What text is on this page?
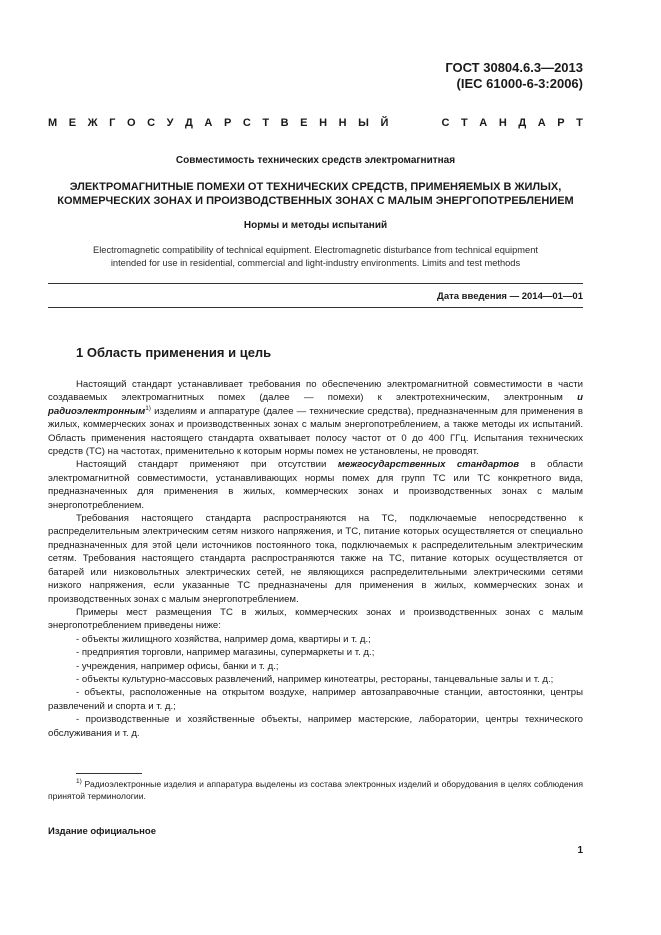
ГОСТ 30804.6.3—2013
(IEC 61000-6-3:2006)
М Е Ж Г О С У Д А Р С Т В Е Н Н Ы Й	С Т А Н Д А Р Т
Совместимость технических средств электромагнитная
ЭЛЕКТРОМАГНИТНЫЕ ПОМЕХИ ОТ ТЕХНИЧЕСКИХ СРЕДСТВ, ПРИМЕНЯЕМЫХ В ЖИЛЫХ,
КОММЕРЧЕСКИХ ЗОНАХ И ПРОИЗВОДСТВЕННЫХ ЗОНАХ С МАЛЫМ ЭНЕРГОПОТРЕБЛЕНИЕМ
Нормы и методы испытаний
Electromagnetic compatibility of technical equipment. Electromagnetic disturbance from technical equipment
intended for use in residential, commercial and light-industry environments. Limits and test methods
Дата введения — 2014—01—01
1 Область применения и цель

Настоящий стандарт устанавливает требования по обеспечению электромагнитной совместимости в части создаваемых электромагнитных помех (далее — помехи) к электротехническим, электронным и радиоэлектронным$^{1)}$ изделиям и аппаратуре (далее — технические средства), предназначенным для применения в жилых, коммерческих зонах и производственных зонах с малым энергопотреблением, а также методы их испытаний. Область применения настоящего стандарта охватывает полосу частот от 0 до 400 ГГц. Испытания технических средств (ТС) на частотах, применительно к которым нормы помех не установлены, не проводят.

Настоящий стандарт применяют при отсутствии межгосударственных стандартов в области электромагнитной совместимости, устанавливающих нормы помех для групп ТС или ТС конкретного вида, предназначенных для применения в жилых, коммерческих зонах и производственных зонах с малым энергопотреблением.

Требования настоящего стандарта распространяются на ТС, подключаемые непосредственно к распределительным электрическим сетям низкого напряжения, и ТС, питание которых осуществляется от специально предназначенных для этой цели источников постоянного тока, подключаемых к распределительным электрическим сетям. Требования настоящего стандарта распространяются также на ТС, питание которых осуществляется от батарей или низковольтных электрических сетей, не являющихся распределительными электрическими сетями низкого напряжения, если указанные ТС предназначены для применения в жилых, коммерческих зонах и производственных зонах с малым энергопотреблением.

Примеры мест размещения ТС в жилых, коммерческих зонах и производственных зонах с малым энергопотреблением приведены ниже:

- объекты жилищного хозяйства, например дома, квартиры и т. д.;

- предприятия торговли, например магазины, супермаркеты и т. д.;

- учреждения, например офисы, банки и т. д.;

- объекты культурно-массовых развлечений, например кинотеатры, рестораны, танцевальные залы и т. д.;

- объекты, расположенные на открытом воздухе, например автозаправочные станции, автостоянки, центры развлечений и спорта и т. д.;

- производственные и хозяйственные объекты, например мастерские, лаборатории, центры технического обслуживания и т. д.

$^{1)}$ Радиоэлектронные изделия и аппаратура выделены из состава электронных изделий и оборудования в целях соблюдения принятой терминологии.

Издание официальное
1
